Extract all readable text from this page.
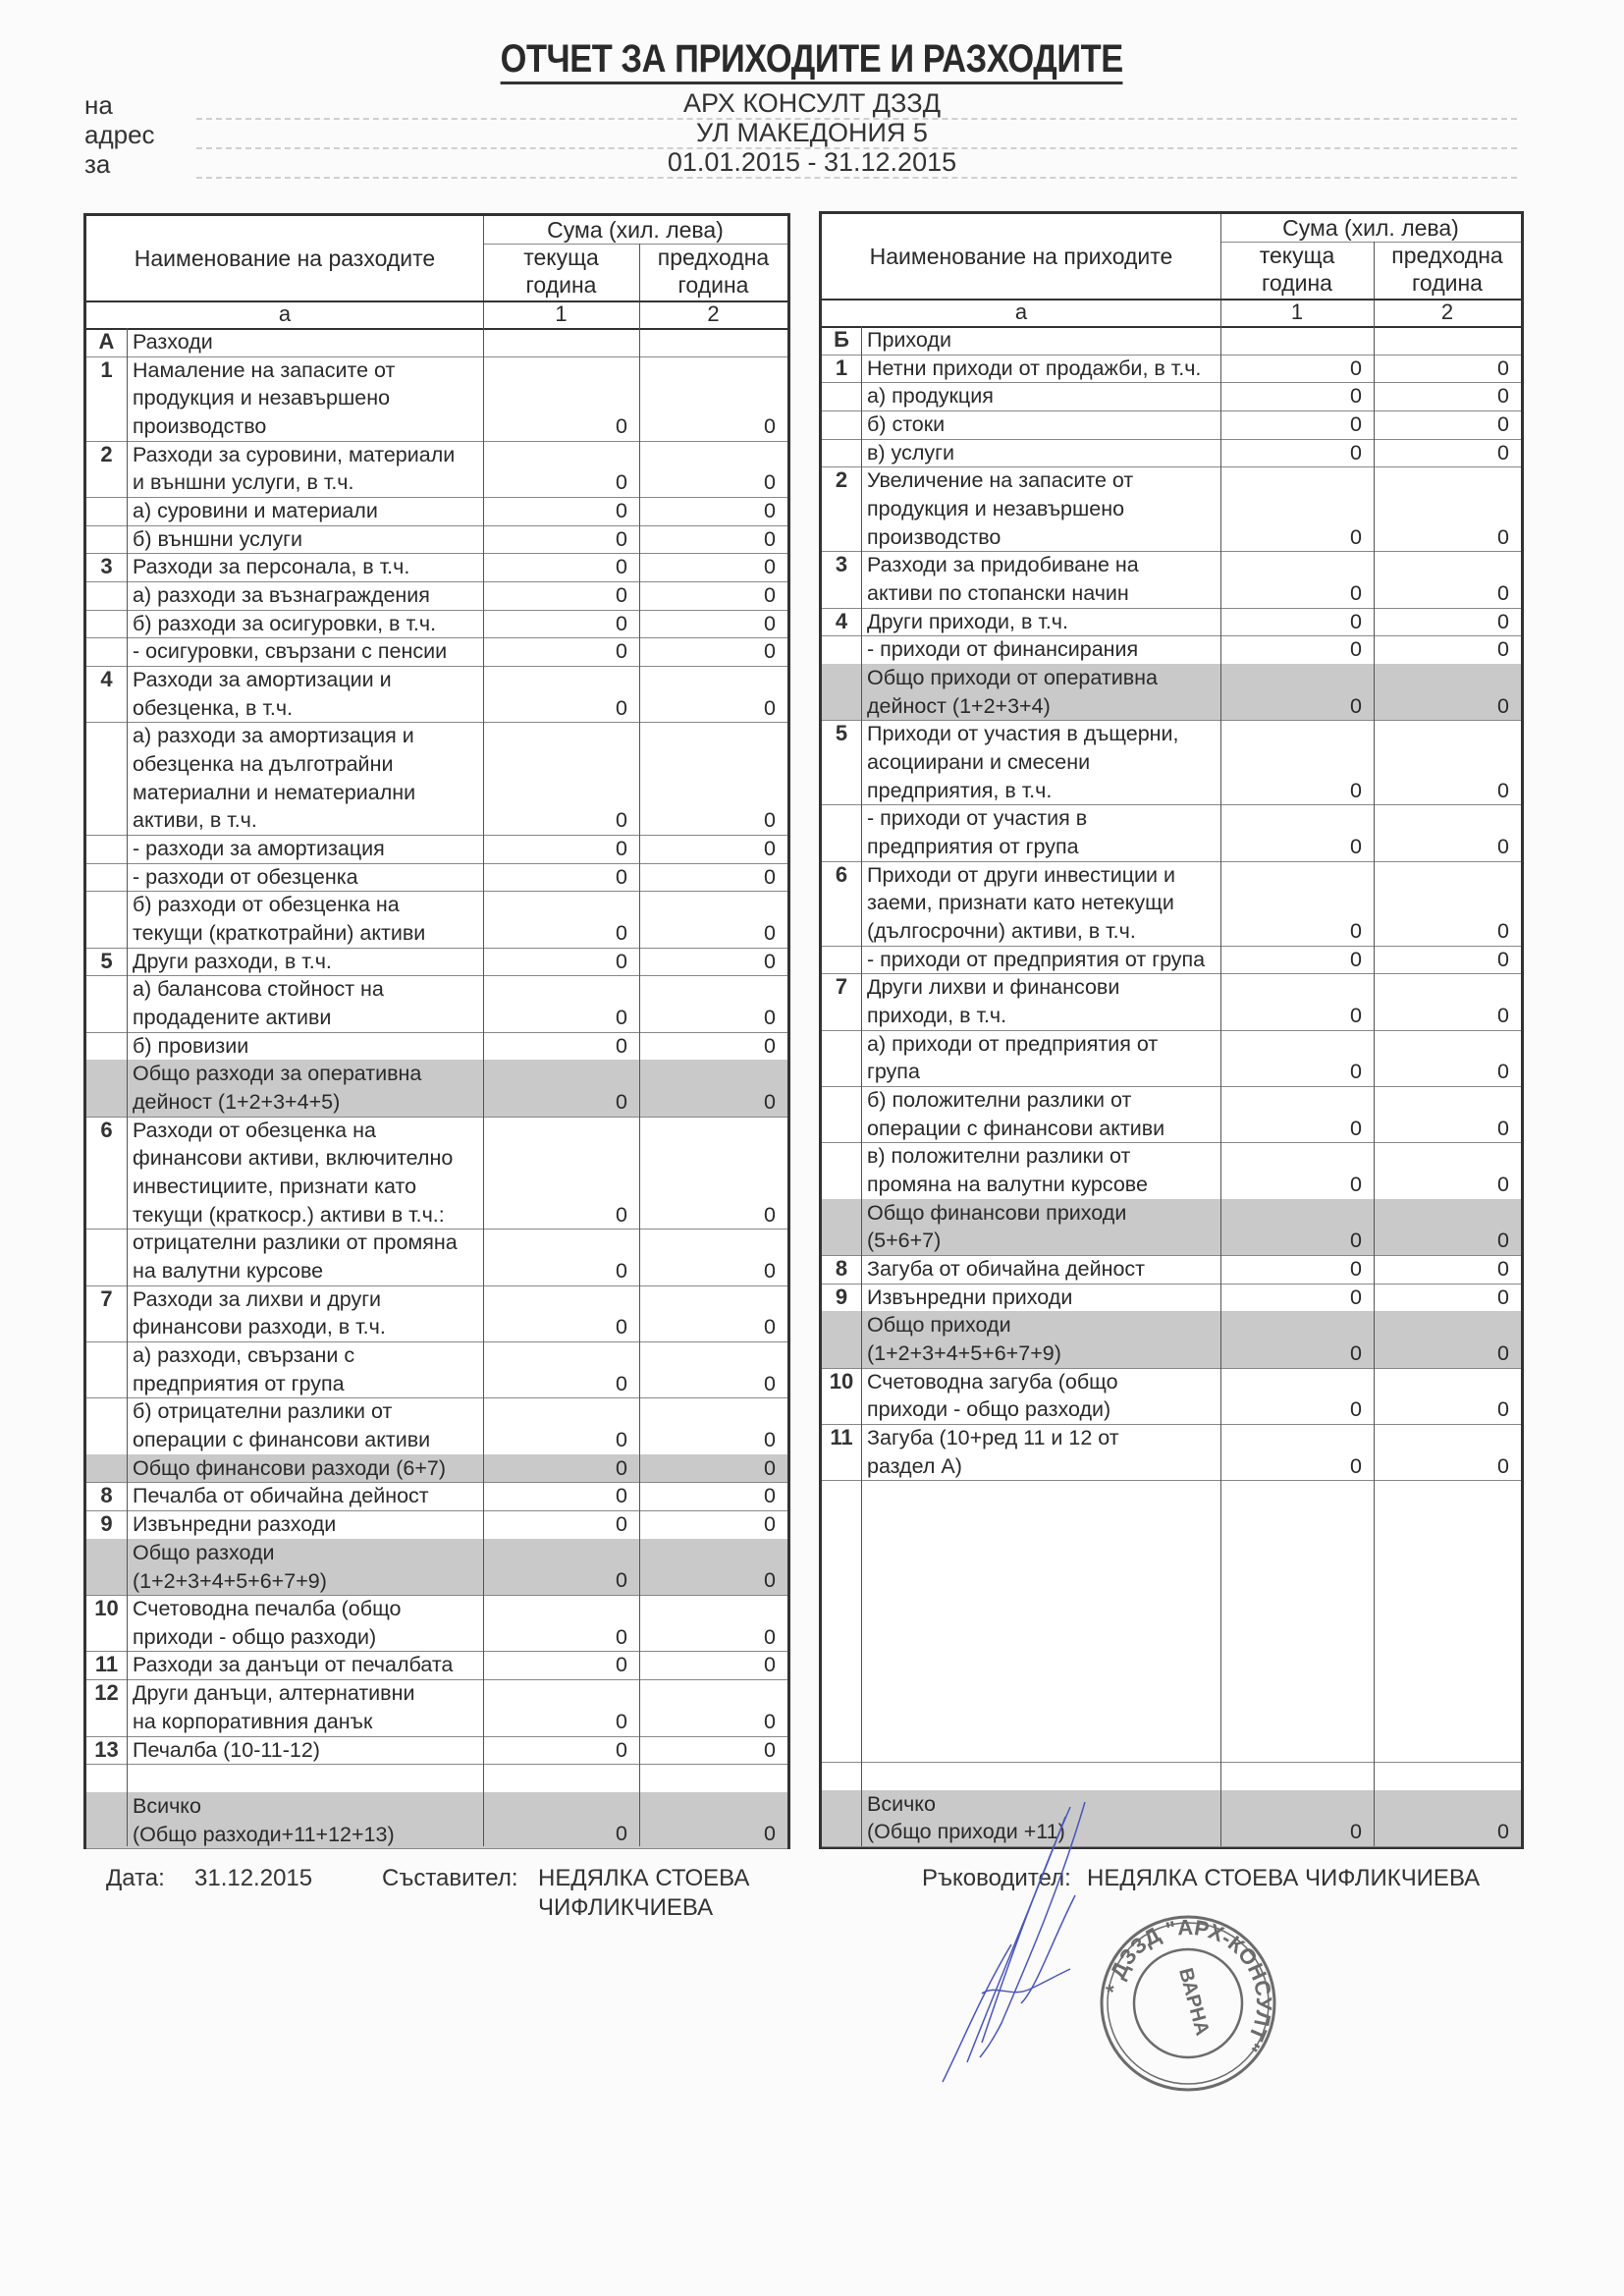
ОТЧЕТ ЗА ПРИХОДИТЕ И РАЗХОДИТЕ
на	АРХ КОНСУЛТ ДЗЗД
адрес	УЛ МАКЕДОНИЯ 5
за	01.01.2015 - 31.12.2015
Наименование на разходите
Сума (хил. лева)
текуща
година
предходна
година
а	1	2
А Разходи
1 Намаление на запасите от
продукция и незавършено
производство	0	0
2 Разходи за суровини, материали
и външни услуги, в т.ч.	0	0
а) суровини и материали	0	0
б) външни услуги	0	0
3 Разходи за персонала, в т.ч.	0	0
а) разходи за възнаграждения	0	0
б) разходи за осигуровки, в т.ч.	0	0
- осигуровки, свързани с пенсии	0	0
4 Разходи за амортизации и
обезценка, в т.ч.	0	0
а) разходи за амортизация и
обезценка на дълготрайни
материални и нематериални
активи, в т.ч.	0	0
- разходи за амортизация	0	0
- разходи от обезценка	0	0
б) разходи от обезценка на
текущи (краткотрайни) активи	0	0
5 Други разходи, в т.ч.	0	0
а) балансова стойност на
продадените активи	0	0
б) провизии	0	0
Общо разходи за оперативна
дейност (1+2+3+4+5)	0	0
6 Разходи от обезценка на
финансови активи, включително
инвестициите, признати като
текущи (краткоср.) активи в т.ч.:	0	0
отрицателни разлики от промяна
на валутни курсове	0	0
7 Разходи за лихви и други
финансови разходи, в т.ч.	0	0
а) разходи, свързани с
предприятия от група	0	0
б) отрицателни разлики от
операции с финансови активи	0	0
Общо финансови разходи (6+7)	0	0
8 Печалба от обичайна дейност	0	0
9 Извънредни разходи	0	0
Общо разходи
(1+2+3+4+5+6+7+9)	0	0
10 Счетоводна печалба (общо
приходи - общо разходи)	0	0
11 Разходи за данъци от печалбата	0	0
12 Други данъци, алтернативни
на корпоративния данък	0	0
13 Печалба (10-11-12)	0	0
Всичко
(Общо разходи+11+12+13)	0	0
Наименование на приходите
Сума (хил. лева)
текуща
година
предходна
година
а	1	2
Б Приходи
1 Нетни приходи от продажби, в т.ч.	0	0
а) продукция	0	0
б) стоки	0	0
в) услуги	0	0
2 Увеличение на запасите от
продукция и незавършено
производство	0	0
3 Разходи за придобиване на
активи по стопански начин	0	0
4 Други приходи, в т.ч.	0	0
- приходи от финансирания	0	0
Общо приходи от оперативна
дейност (1+2+3+4)	0	0
5 Приходи от участия в дъщерни,
асоциирани и смесени
предприятия, в т.ч.	0	0
- приходи от участия в
предприятия от група	0	0
6 Приходи от други инвестиции и
заеми, признати като нетекущи
(дългосрочни) активи, в т.ч.	0	0
- приходи от предприятия от група	0	0
7 Други лихви и финансови
приходи, в т.ч.	0	0
а) приходи от предприятия от
група	0	0
б) положителни разлики от
операции с финансови активи	0	0
в) положителни разлики от
промяна на валутни курсове	0	0
Общо финансови приходи
(5+6+7)	0	0
8 Загуба от обичайна дейност	0	0
9 Извънредни приходи	0	0
Общо приходи
(1+2+3+4+5+6+7+9)	0	0
10 Счетоводна загуба (общо
приходи - общо разходи)	0	0
11 Загуба (10+ред 11 и 12 от
раздел А)	0	0
Всичко
(Общо приходи +11)	0	0
Дата: 31.12.2015	Съставител: НЕДЯЛКА СТОЕВА
ЧИФЛИКЧИЕВА
Ръководител: НЕДЯЛКА СТОЕВА ЧИФЛИКЧИЕВА
* ДЗЗД "АРХ-КОНСУЛТ"
ВАРНА
